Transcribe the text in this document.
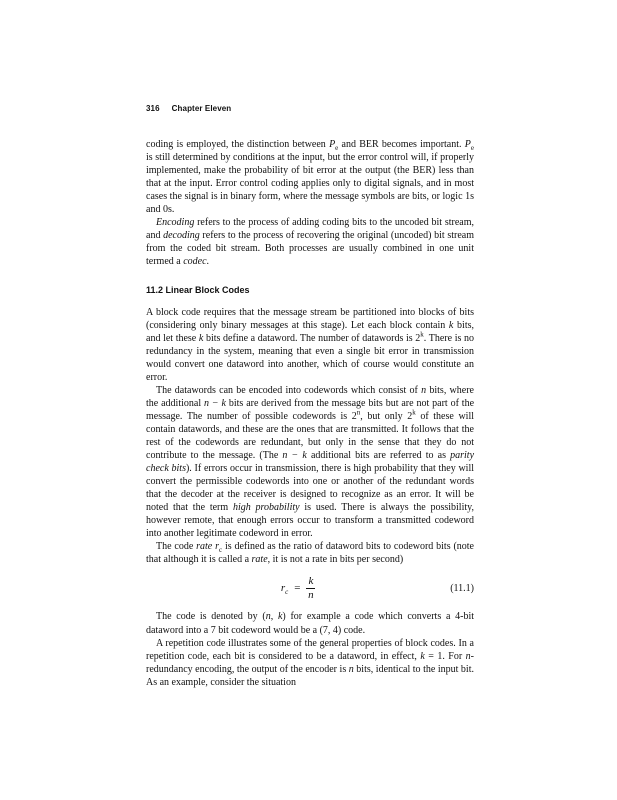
316 Chapter Eleven

coding is employed, the distinction between $P_e$ and BER becomes important. $P_e$ is still determined by conditions at the input, but the error control will, if properly implemented, make the probability of bit error at the output (the BER) less than that at the input. Error control coding applies only to digital signals, and in most cases the signal is in binary form, where the message symbols are bits, or logic 1s and 0s.

Encoding refers to the process of adding coding bits to the uncoded bit stream, and decoding refers to the process of recovering the original (uncoded) bit stream from the coded bit stream. Both processes are usually combined in one unit termed a codec.

11.2 Linear Block Codes

A block code requires that the message stream be partitioned into blocks of bits (considering only binary messages at this stage). Let each block contain k bits, and let these k bits define a dataword. The number of datawords is 2$^k$. There is no redundancy in the system, meaning that even a single bit error in transmission would convert one dataword into another, which of course would constitute an error.

The datawords can be encoded into codewords which consist of n bits, where the additional n − k bits are derived from the message bits but are not part of the message. The number of possible codewords is 2$^n$, but only 2$^k$ of these will contain datawords, and these are the ones that are transmitted. It follows that the rest of the codewords are redundant, but only in the sense that they do not contribute to the message. (The n − k additional bits are referred to as parity check bits). If errors occur in transmission, there is high probability that they will convert the permissible codewords into one or another of the redundant words that the decoder at the receiver is designed to recognize as an error. It will be noted that the term high probability is used. There is always the possibility, however remote, that enough errors occur to transform a transmitted codeword into another legitimate codeword in error.

The code rate $r_c$ is defined as the ratio of dataword bits to codeword bits (note that although it is called a rate, it is not a rate in bits per second)

$r_c = \frac{k}{n}$	(11.1)

The code is denoted by (n, k) for example a code which converts a 4-bit dataword into a 7 bit codeword would be a (7, 4) code.

A repetition code illustrates some of the general properties of block codes. In a repetition code, each bit is considered to be a dataword, in effect, k = 1. For n-redundancy encoding, the output of the encoder is n bits, identical to the input bit. As an example, consider the situation
